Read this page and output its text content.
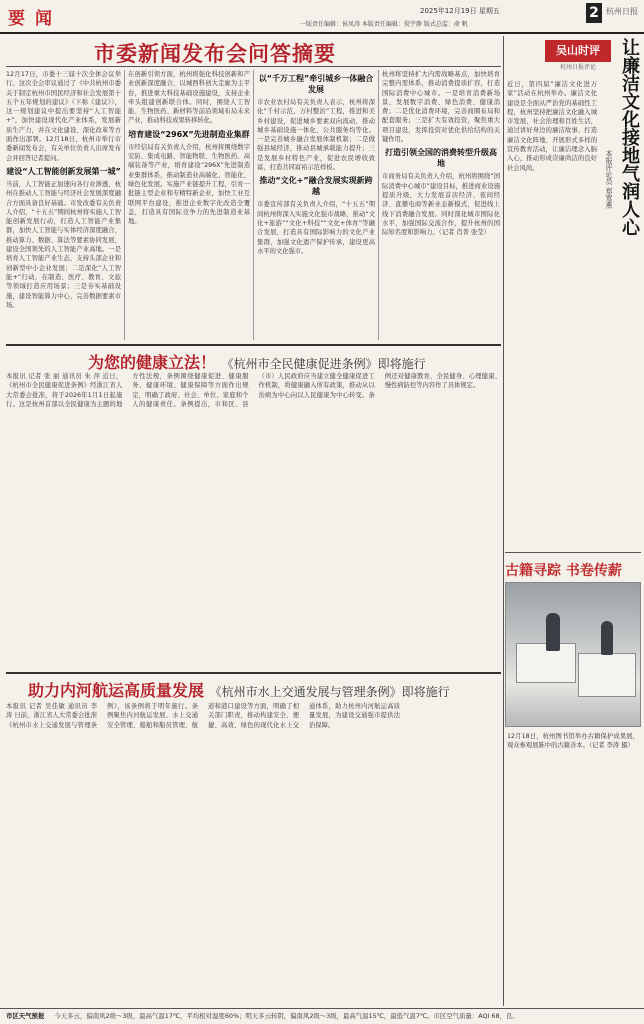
要闻	2025年12月19日 星期五
一版责任编辑：侯凤涛 本版责任编辑：倪宇静 版式总监：俞 帆
2 杭州日报
市委新闻发布会问答摘要

12月17日，市委十三届十次全体会议举行。这次全会审议通过了《中共杭州市委关于制定杭州市国民经济和社会发展第十五个五年规划的建议》（下称《建议》），这一规划建议中提出要坚持“人工智能+”，加快建设现代化产业体系，发展新质生产力，并在文化建设、深化改革等方面作出部署。12月18日，杭州市举行市委新闻发布会，有关单位负责人出席发布会并回答记者提问。

建设“人工智能创新发展第一城”

当前，人工智能正加速向各行业渗透，杭州在推动人工智能与经济社会发展深度融合方面具备良好基础。市发改委有关负责人介绍，“十五五”期间杭州将实施人工智能创新发展行动，打造人工智能产业集群，加快人工智能与实体经济深度融合，推动算力、数据、算法等要素协同发展，建设全国领先的人工智能产业高地。一是培育人工智能产业生态，支持头部企业和创新型中小企业发展；二是深化“人工智能+”行动，在制造、医疗、教育、文旅等领域打造应用场景；三是夯实基础设施，建设智能算力中心，完善数据要素市场。

在创新引领方面，杭州将强化科技创新和产业创新深度融合，以城西科创大走廊为主平台，推进重大科技基础设施建设，支持企业牵头组建创新联合体。同时，围绕人工智能、生物医药、新材料等前沿领域布局未来产业，推动科技成果转移转化。

培育建设“296X”先进制造业集群

市经信局有关负责人介绍，杭州将围绕数字安防、集成电路、智能物联、生物医药、高端装备等产业，培育建设“296X”先进制造业集群体系，推动制造业高端化、智能化、绿色化发展。实施产业链提升工程，引育一批链主型企业和专精特新企业，加快工业互联网平台建设，推进企业数字化改造全覆盖，打造具有国际竞争力的先进制造业基地。

以“千万工程”牵引城乡一体融合发展

市农业农村局有关负责人表示，杭州将深化“千村示范、万村整治”工程，推进和美乡村建设，促进城乡要素双向流动，推动城乡基础设施一体化、公共服务均等化。一是完善城乡融合发展体制机制；二是做强县域经济，推动县城承载能力提升；三是发展乡村特色产业，促进农民增收致富，打造共同富裕示范样板。

推动“文化+”融合发展实现新跨越

市委宣传部有关负责人介绍，“十五五”期间杭州将深入实施文化强市战略，推动“文化+旅游”“文化+科技”“文化+体育”等融合发展，打造具有国际影响力的文化产业集群，加强文化遗产保护传承，建设更高水平的文化强市。

杭州将坚持扩大内需战略基点，加快培育完整内需体系，推动消费提质扩容，打造国际消费中心城市。一是培育消费新场景，发展数字消费、绿色消费、健康消费；二是优化消费环境，完善商圈布局和配套服务；三是扩大有效投资，聚焦重大项目建设，发挥投资对优化供给结构的关键作用。

打造引领全国的消费转型升级高地

市商务局有关负责人介绍，杭州将围绕“国际消费中心城市”建设目标，推进商业设施提质升级，大力发展首店经济、夜间经济、直播电商等新业态新模式，促进线上线下消费融合发展。同时深化城市国际化水平，加强国际交流合作，提升杭州的国际知名度和影响力。（记者 肖菁 张莹）

吴山时评
杭州日报评论	让廉洁文化接地气润人心
本报评论员 郑莺燕

近日，第四届“廉洁文化进万家”活动在杭州举办。廉洁文化建设是全面从严治党的基础性工程，杭州坚持把廉洁文化融入城市发展、社会治理和百姓生活，通过讲好身边的廉洁故事、打造廉洁文化阵地、开展形式多样的宣传教育活动，让廉洁理念入脑入心，推动形成崇廉尚洁的良好社会风尚。

古籍寻踪 书卷传薪

12月18日，杭州图书馆举办古籍保护成果展，观众参观展陈中的古籍善本。（记者 李涛 摄）

为您的健康立法！ 《杭州市全民健康促进条例》即将施行

本报讯 记者 张 丽 通讯员 朱 萍 近日，《杭州市全民健康促进条例》经浙江省人大常委会批准，将于2026年1月1日起施行。这是杭州首部以全民健康为主题的地方性法规，条例围绕健康促进、健康服务、健康环境、健康保障等方面作出规定，明确了政府、社会、单位、家庭和个人的健康责任。条例提出，市和区、县（市）人民政府应当建立健全健康促进工作机制，将健康融入所有政策，推动从以治病为中心向以人民健康为中心转变。条例还对健康教育、全民健身、心理健康、慢性病防控等内容作了具体规定。

助力内河航运高质量发展 《杭州市水上交通发展与管理条例》即将施行

本报讯 记者 吴佳敏 通讯员 李 涛 日前，浙江省人大常委会批准《杭州市水上交通发展与管理条例》，该条例将于明年施行。条例聚焦内河航运发展、水上交通安全管理、船舶和船员管理、航道和港口建设等方面，明确了相关部门职责，推动构建安全、便捷、高效、绿色的现代化水上交通体系，助力杭州内河航运高质量发展，为建设交通强市提供法治保障。

市区天气预报 今天多云，偏南风2级～3级，最高气温17℃，平均相对湿度60%；明天多云转阴，偏南风2级～3级，最高气温15℃，最低气温7℃。市区空气质量：AQI 68，良。
